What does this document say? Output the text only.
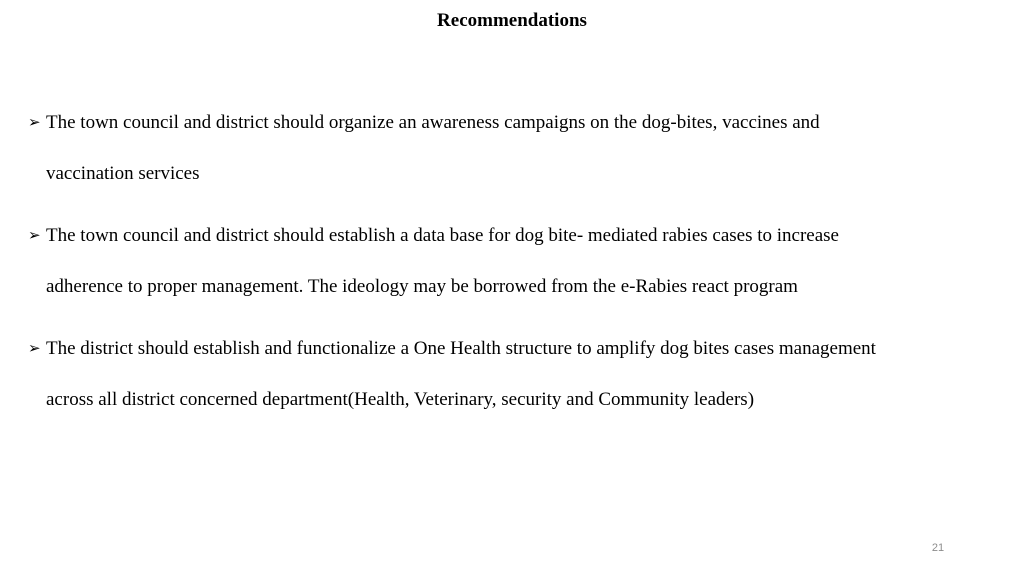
Recommendations
➢ The town council and district should organize an awareness campaigns on the dog-bites, vaccines and
vaccination services
➢ The town council and district should establish a data base for dog bite- mediated rabies cases to increase
adherence to proper management. The ideology may be borrowed from the e-Rabies react program
➢ The district should establish and functionalize a One Health structure to amplify dog bites cases management
across all district concerned department(Health, Veterinary, security and Community leaders)
21
